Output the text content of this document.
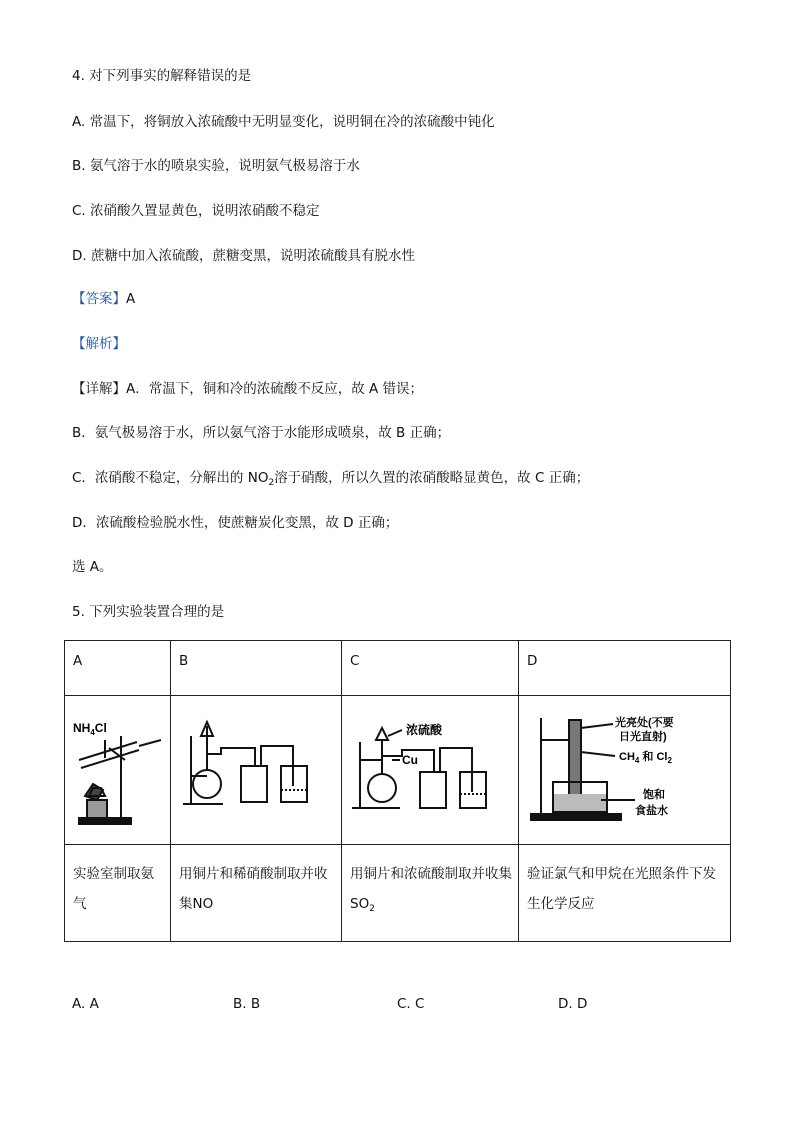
4. 对下列事实的解释错误的是
A. 常温下，将铜放入浓硫酸中无明显变化，说明铜在冷的浓硫酸中钝化
B. 氨气溶于水的喷泉实验，说明氨气极易溶于水
C. 浓硝酸久置显黄色，说明浓硝酸不稳定
D. 蔗糖中加入浓硫酸，蔗糖变黑，说明浓硫酸具有脱水性
【答案】A
【解析】
【详解】A．常温下，铜和冷的浓硫酸不反应，故 A 错误；
B．氨气极易溶于水，所以氨气溶于水能形成喷泉，故 B 正确；
C．浓硝酸不稳定，分解出的 $NO_2$溶于硝酸，所以久置的浓硝酸略显黄色，故 C 正确；
D．浓硫酸检验脱水性，使蔗糖炭化变黑，故 D 正确；
选 A。
5. 下列实验装置合理的是
A	B	C	D

$NH_4Cl$		浓硫酸
Cu	光亮处(不要
日光直射)
$CH_4$ 和 $Cl_2$
饱和
食盐水

实验室制取氨气	用铜片和稀硝酸制取并收集NO	用铜片和浓硫酸制取并收集$SO_2$	验证氯气和甲烷在光照条件下发生化学反应
A. A	B. B	C. C	D. D
